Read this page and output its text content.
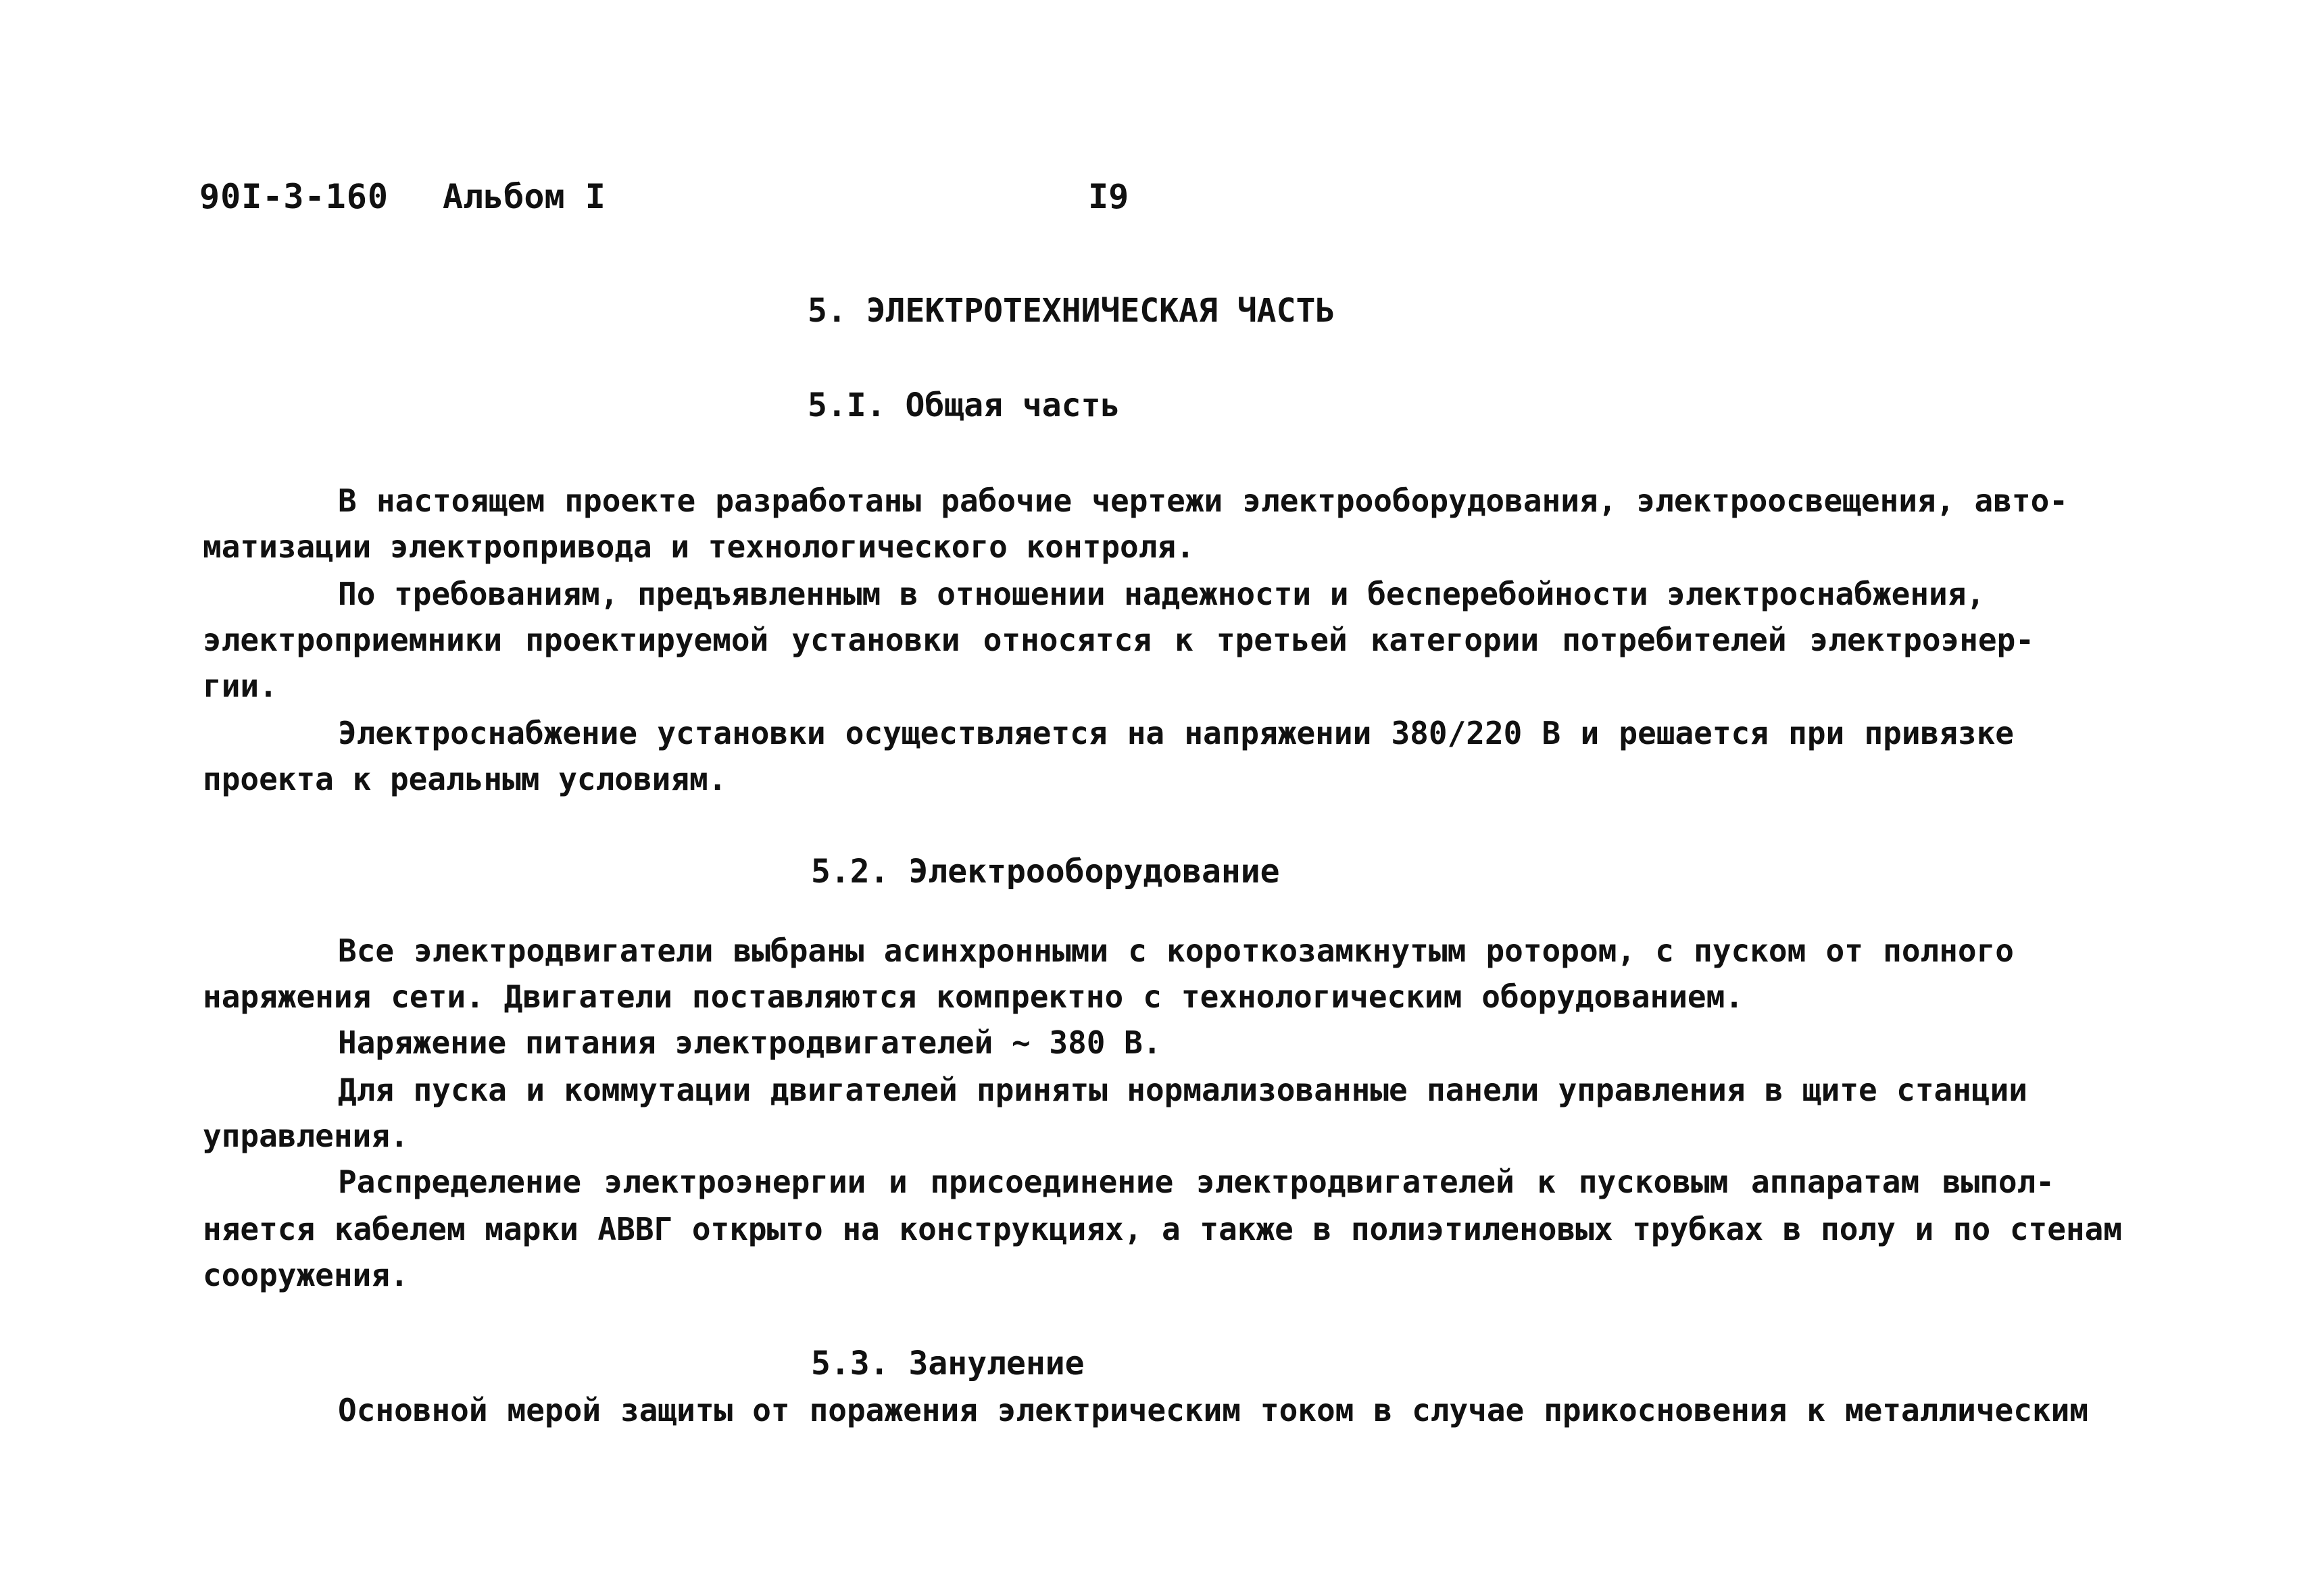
90I-3-160 Альбом I	I9
5. ЭЛЕКТРОТЕХНИЧЕСКАЯ ЧАСТЬ
5.I. Общая часть
В настоящем проекте разработаны рабочие чертежи электрооборудования, электроосвещения, авто-
матизации электропривода и технологического контроля.
По требованиям, предъявленным в отношении надежности и бесперебойности электроснабжения,
электроприемники проектируемой установки относятся к третьей категории потребителей электроэнер-
гии.
Электроснабжение установки осуществляется на напряжении 380/220 В и решается при привязке
проекта к реальным условиям.
5.2. Электрооборудование
Все электродвигатели выбраны асинхронными с короткозамкнутым ротором, с пуском от полного
наряжения сети. Двигатели поставляются компректно с технологическим оборудованием.
Наряжение питания электродвигателей ~ 380 В.
Для пуска и коммутации двигателей приняты нормализованные панели управления в щите станции
управления.
Распределение электроэнергии и присоединение электродвигателей к пусковым аппаратам выпол-
няется кабелем марки АВВГ открыто на конструкциях, а также в полиэтиленовых трубках в полу и по стенам
сооружения.
5.3. Зануление
Основной мерой защиты от поражения электрическим током в случае прикосновения к металлическим
